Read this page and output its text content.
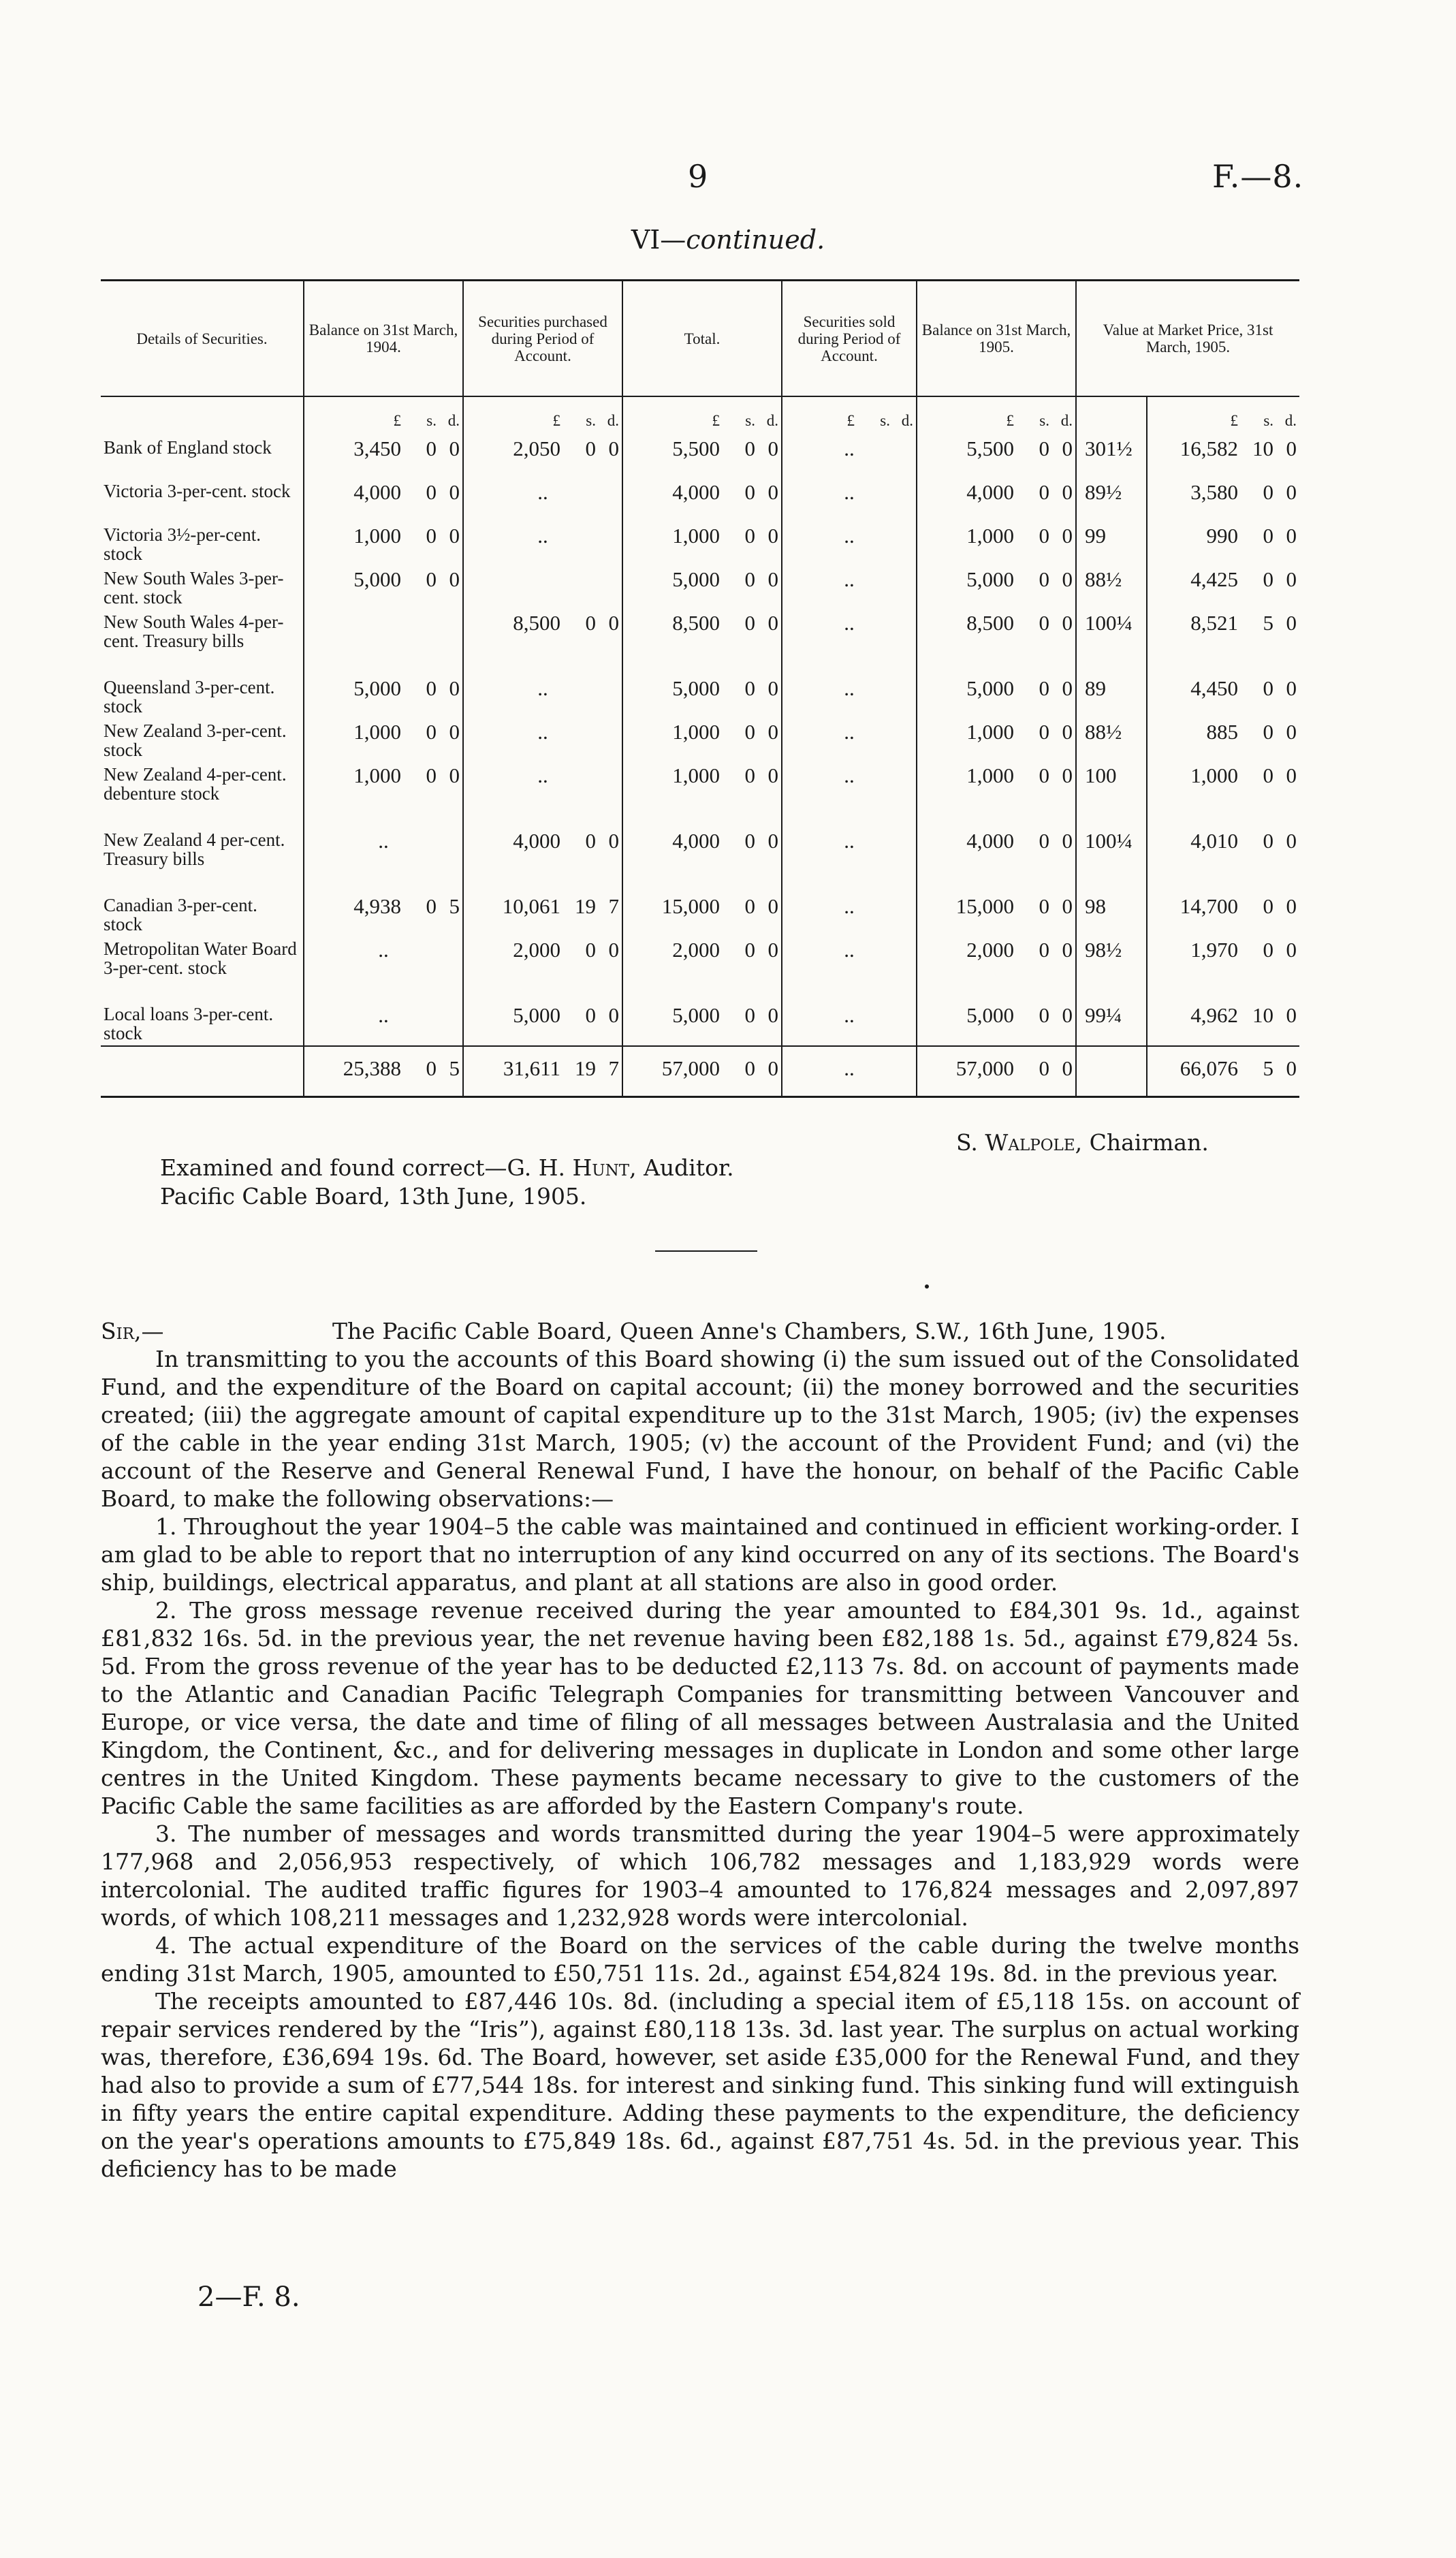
9	F.—8.
VI—continued.
Details of Securities.	Balance on 31st March, 1904.	Securities purchased during Period of Account.	Total.	Securities sold during Period of Account.	Balance on 31st March, 1905.	Value at Market Price, 31st March, 1905.	

	£ s. d.	£ s. d.	£ s. d.	£ s. d.	£ s. d.		£ s. d.

Bank of England stock	3,450 0 0	2,050 0 0	5,500 0 0	..	5,500 0 0	301½	16,582 10 0

Victoria 3-per-cent. stock	4,000 0 0	..	4,000 0 0	..	4,000 0 0	89½	3,580 0 0

Victoria 3½-per-cent. stock	1,000 0 0	..	1,000 0 0	..	1,000 0 0	99	990 0 0

New South Wales 3-per-cent. stock	5,000 0 0		5,000 0 0	..	5,000 0 0	88½	4,425 0 0

New South Wales 4-per-cent. Treasury bills		8,500 0 0	8,500 0 0	..	8,500 0 0	100¼	8,521 5 0

Queensland 3-per-cent. stock	5,000 0 0	..	5,000 0 0	..	5,000 0 0	89	4,450 0 0

New Zealand 3-per-cent. stock	1,000 0 0	..	1,000 0 0	..	1,000 0 0	88½	885 0 0

New Zealand 4-per-cent. debenture stock	1,000 0 0	..	1,000 0 0	..	1,000 0 0	100	1,000 0 0

New Zealand 4 per-cent. Treasury bills	..	4,000 0 0	4,000 0 0	..	4,000 0 0	100¼	4,010 0 0

Canadian 3-per-cent. stock	4,938 0 5	10,061 19 7	15,000 0 0	..	15,000 0 0	98	14,700 0 0

Metropolitan Water Board 3-per-cent. stock	..	2,000 0 0	2,000 0 0	..	2,000 0 0	98½	1,970 0 0

Local loans 3-per-cent. stock	..	5,000 0 0	5,000 0 0	..	5,000 0 0	99¼	4,962 10 0

	25,388 0 5	31,611 19 7	57,000 0 0	..	57,000 0 0		66,076 5 0
S. Walpole, Chairman.
Examined and found correct—G. H. Hunt, Auditor.
Pacific Cable Board, 13th June, 1905.
Sir,—	The Pacific Cable Board, Queen Anne's Chambers, S.W., 16th June, 1905.

In transmitting to you the accounts of this Board showing (i) the sum issued out of the Consolidated Fund, and the expenditure of the Board on capital account; (ii) the money borrowed and the securities created; (iii) the aggregate amount of capital expenditure up to the 31st March, 1905; (iv) the expenses of the cable in the year ending 31st March, 1905; (v) the account of the Provident Fund; and (vi) the account of the Reserve and General Renewal Fund, I have the honour, on behalf of the Pacific Cable Board, to make the following observations:—

1. Throughout the year 1904–5 the cable was maintained and continued in efficient working-order. I am glad to be able to report that no interruption of any kind occurred on any of its sections. The Board's ship, buildings, electrical apparatus, and plant at all stations are also in good order.

2. The gross message revenue received during the year amounted to £84,301 9s. 1d., against £81,832 16s. 5d. in the previous year, the net revenue having been £82,188 1s. 5d., against £79,824 5s. 5d. From the gross revenue of the year has to be deducted £2,113 7s. 8d. on account of payments made to the Atlantic and Canadian Pacific Telegraph Companies for transmitting between Vancouver and Europe, or vice versa, the date and time of filing of all messages between Australasia and the United Kingdom, the Continent, &c., and for delivering messages in duplicate in London and some other large centres in the United Kingdom. These payments became necessary to give to the customers of the Pacific Cable the same facilities as are afforded by the Eastern Company's route.

3. The number of messages and words transmitted during the year 1904–5 were approximately 177,968 and 2,056,953 respectively, of which 106,782 messages and 1,183,929 words were intercolonial. The audited traffic figures for 1903–4 amounted to 176,824 messages and 2,097,897 words, of which 108,211 messages and 1,232,928 words were intercolonial.

4. The actual expenditure of the Board on the services of the cable during the twelve months ending 31st March, 1905, amounted to £50,751 11s. 2d., against £54,824 19s. 8d. in the previous year.

The receipts amounted to £87,446 10s. 8d. (including a special item of £5,118 15s. on account of repair services rendered by the “Iris”), against £80,118 13s. 3d. last year. The surplus on actual working was, therefore, £36,694 19s. 6d. The Board, however, set aside £35,000 for the Renewal Fund, and they had also to provide a sum of £77,544 18s. for interest and sinking fund. This sinking fund will extinguish in fifty years the entire capital expenditure. Adding these payments to the expenditure, the deficiency on the year's operations amounts to £75,849 18s. 6d., against £87,751 4s. 5d. in the previous year. This deficiency has to be made

2—F. 8.
